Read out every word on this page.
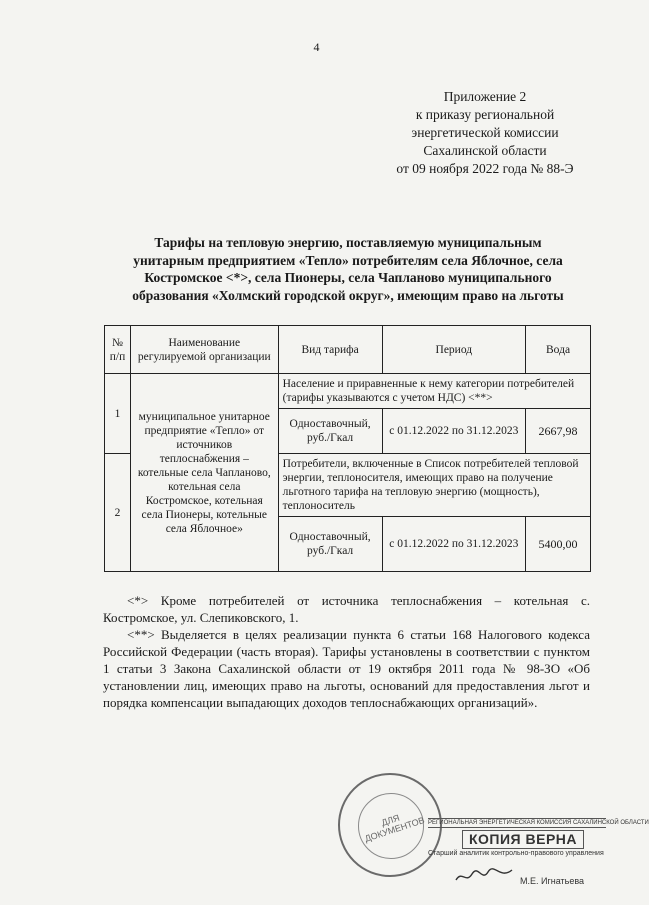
4
Приложение 2
к приказу региональной
энергетической комиссии
Сахалинской области
от 09 ноября 2022 года № 88-Э
Тарифы на тепловую энергию, поставляемую муниципальным
унитарным предприятием «Тепло» потребителям села Яблочное, села
Костромское <*>, села Пионеры, села Чапланово муниципального
образования «Холмский городской округ», имеющим право на льготы
№ п/п	Наименование регулируемой организации	Вид тарифа	Период	Вода
1	муниципальное унитарное предприятие «Тепло» от источников теплоснабжения – котельные села Чапланово, котельная села Костромское, котельная села Пионеры, котельные села Яблочное»	Население и приравненные к нему категории потребителей (тарифы указываются с учетом НДС) <**>		
		Одноставочный, руб./Гкал	с 01.12.2022 по 31.12.2023	2667,98
2		Потребители, включенные в Список потребителей тепловой энергии, теплоносителя, имеющих право на получение льготного тарифа на тепловую энергию (мощность), теплоноситель		
		Одноставочный, руб./Гкал	с 01.12.2022 по 31.12.2023	5400,00

<*> Кроме потребителей от источника теплоснабжения – котельная с. Костромское, ул. Слепиковского, 1.

<**> Выделяется в целях реализации пункта 6 статьи 168 Налогового кодекса Российской Федерации (часть вторая). Тарифы установлены в соответствии с пунктом 1 статьи 3 Закона Сахалинской области от 19 октября 2011 года № 98-ЗО «Об установлении лиц, имеющих право на льготы, оснований для предоставления льгот и порядка компенсации выпадающих доходов теплоснабжающих организаций».

ДЛЯ ДОКУМЕНТОВ РЕГИОНАЛЬНАЯ ЭНЕРГЕТИЧЕСКАЯ КОМИССИЯ САХАЛИНСКОЙ ОБЛАСТИ
КОПИЯ ВЕРНА
Старший аналитик контрольно-правового управления
М.Е. Игнатьева
